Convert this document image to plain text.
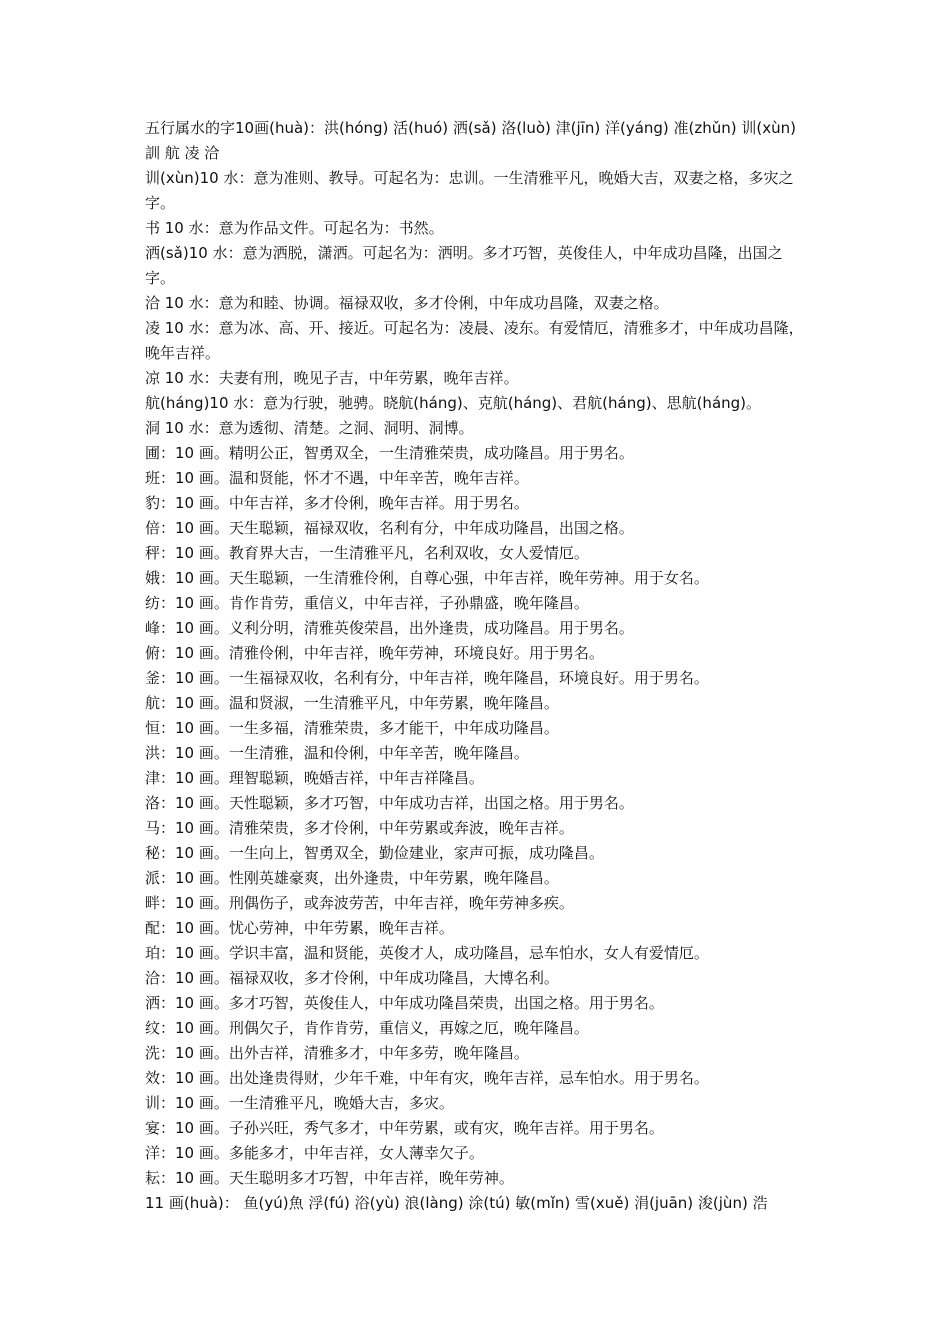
五行属水的字10画(huà)：洪(hóng) 活(huó) 洒(sǎ) 洛(luò) 津(jīn) 洋(yáng) 准(zhǔn) 训(xùn)訓 航 凌 洽

训(xùn)10 水：意为准则、教导。可起名为：忠训。一生清雅平凡，晚婚大吉，双妻之格，多灾之字。

书 10 水：意为作品文件。可起名为：书然。

洒(sǎ)10 水：意为洒脱，潇洒。可起名为：洒明。多才巧智，英俊佳人，中年成功昌隆，出国之字。

洽 10 水：意为和睦、协调。福禄双收，多才伶俐，中年成功昌隆，双妻之格。

凌 10 水：意为冰、高、开、接近。可起名为：凌晨、凌东。有爱情厄，清雅多才，中年成功昌隆，晚年吉祥。

凉 10 水：夫妻有刑，晚见子吉，中年劳累，晚年吉祥。

航(háng)10 水：意为行驶，驰骋。晓航(háng)、克航(háng)、君航(háng)、思航(háng)。

洞 10 水：意为透彻、清楚。之洞、洞明、洞博。

圃：10 画。精明公正，智勇双全，一生清雅荣贵，成功隆昌。用于男名。

班：10 画。温和贤能，怀才不遇，中年辛苦，晚年吉祥。

豹：10 画。中年吉祥，多才伶俐，晚年吉祥。用于男名。

倍：10 画。天生聪颖，福禄双收，名利有分，中年成功隆昌，出国之格。

秤：10 画。教育界大吉，一生清雅平凡，名利双收，女人爱情厄。

娥：10 画。天生聪颖，一生清雅伶俐，自尊心强，中年吉祥，晚年劳神。用于女名。

纺：10 画。肯作肯劳，重信义，中年吉祥，子孙鼎盛，晚年隆昌。

峰：10 画。义利分明，清雅英俊荣昌，出外逢贵，成功隆昌。用于男名。

俯：10 画。清雅伶俐，中年吉祥，晚年劳神，环境良好。用于男名。

釜：10 画。一生福禄双收，名利有分，中年吉祥，晚年隆昌，环境良好。用于男名。

航：10 画。温和贤淑，一生清雅平凡，中年劳累，晚年隆昌。

恒：10 画。一生多福，清雅荣贵，多才能干，中年成功隆昌。

洪：10 画。一生清雅，温和伶俐，中年辛苦，晚年隆昌。

津：10 画。理智聪颖，晚婚吉祥，中年吉祥隆昌。

洛：10 画。天性聪颖，多才巧智，中年成功吉祥，出国之格。用于男名。

马：10 画。清雅荣贵，多才伶俐，中年劳累或奔波，晚年吉祥。

秘：10 画。一生向上，智勇双全，勤俭建业，家声可振，成功隆昌。

派：10 画。性刚英雄豪爽，出外逢贵，中年劳累，晚年隆昌。

畔：10 画。刑偶伤子，或奔波劳苦，中年吉祥，晚年劳神多疾。

配：10 画。忧心劳神，中年劳累，晚年吉祥。

珀：10 画。学识丰富，温和贤能，英俊才人，成功隆昌，忌车怕水，女人有爱情厄。

洽：10 画。福禄双收，多才伶俐，中年成功隆昌，大博名利。

洒：10 画。多才巧智，英俊佳人，中年成功隆昌荣贵，出国之格。用于男名。

纹：10 画。刑偶欠子，肯作肯劳，重信义，再嫁之厄，晚年隆昌。

洗：10 画。出外吉祥，清雅多才，中年多劳，晚年隆昌。

效：10 画。出处逢贵得财，少年千难，中年有灾，晚年吉祥，忌车怕水。用于男名。

训：10 画。一生清雅平凡，晚婚大吉，多灾。

宴：10 画。子孙兴旺，秀气多才，中年劳累，或有灾，晚年吉祥。用于男名。

洋：10 画。多能多才，中年吉祥，女人薄幸欠子。

耘：10 画。天生聪明多才巧智，中年吉祥，晚年劳神。

11 画(huà)： 鱼(yú)魚 浮(fú) 浴(yù) 浪(làng) 涂(tú) 敏(mǐn) 雪(xuě) 涓(juān) 浚(jùn) 浩
